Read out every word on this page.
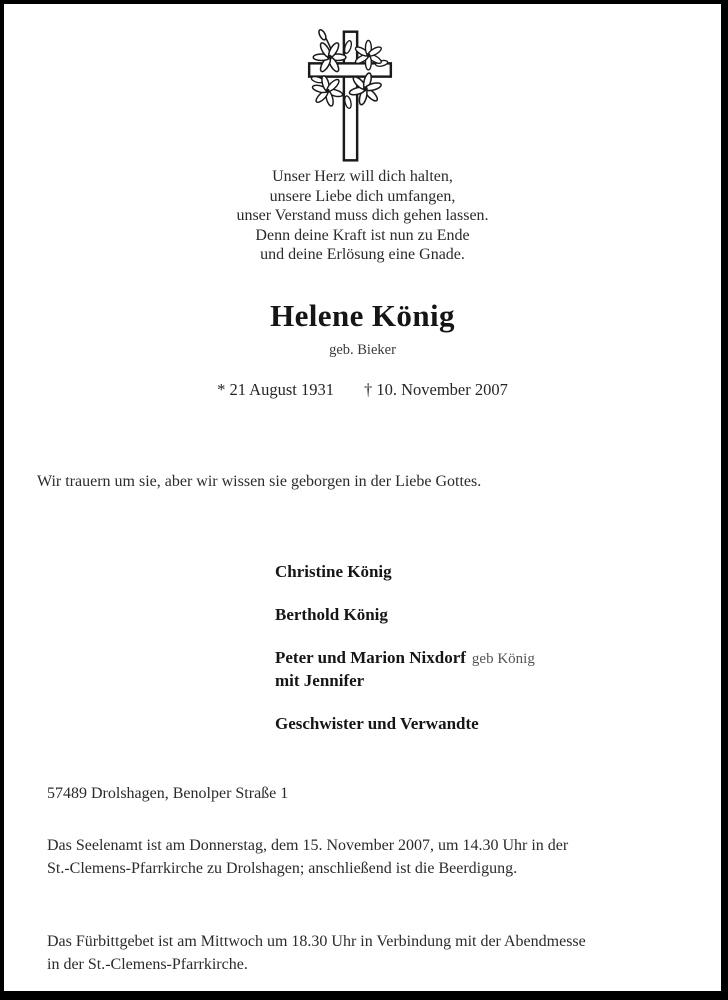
Unser Herz will dich halten,
unsere Liebe dich umfangen,
unser Verstand muss dich gehen lassen.
Denn deine Kraft ist nun zu Ende
und deine Erlösung eine Gnade.
Helene König
geb. Bieker
* 21 August 1931 † 10. November 2007
Wir trauern um sie, aber wir wissen sie geborgen in der Liebe Gottes.
Christine König
Berthold König
Peter und Marion Nixdorf geb König
mit Jennifer
Geschwister und Verwandte
57489 Drolshagen, Benolper Straße 1
Das Seelenamt ist am Donnerstag, dem 15. November 2007, um 14.30 Uhr in der St.-Clemens-Pfarrkirche zu Drolshagen; anschließend ist die Beerdigung.
Das Fürbittgebet ist am Mittwoch um 18.30 Uhr in Verbindung mit der Abendmesse in der St.-Clemens-Pfarrkirche.
